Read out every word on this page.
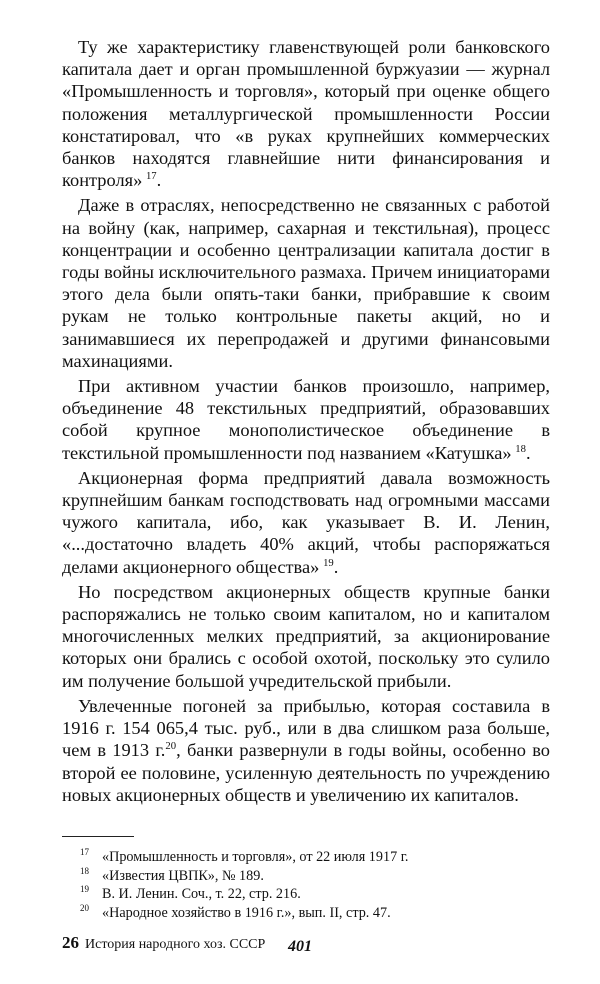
Ту же характеристику главенствующей роли банковского капитала дает и орган промышленной буржуазии — журнал «Промышленность и торговля», который при оценке общего положения металлургической промышленности России констатировал, что «в руках крупнейших коммерческих банков находятся главнейшие нити финансирования и контроля»  $^{17}$.

Даже в отраслях, непосредственно не связанных с работой на войну (как, например, сахарная и текстильная), процесс концентрации и особенно централизации капитала достиг в годы войны исключительного размаха. Причем инициаторами этого дела были опять-таки банки, прибравшие к своим рукам не только контрольные пакеты акций, но и занимавшиеся их перепродажей и другими финансовыми махинациями.

При активном участии банков произошло, например, объединение 48 текстильных предприятий, образовавших собой крупное монополистическое объединение в текстильной промышленности под названием «Катушка»  $^{18}$.

Акционерная форма предприятий давала возможность крупнейшим банкам господствовать над огромными массами чужого капитала, ибо, как указывает В. И. Ленин, «...достаточно владеть 40% акций, чтобы распоряжаться делами акционерного общества»  $^{19}$.

Но посредством акционерных обществ крупные банки распоряжались не только своим капиталом, но и капиталом многочисленных мелких предприятий, за акционирование которых они брались с особой охотой, поскольку это сулило им получение большой учредительской прибыли.

Увлеченные погоней за прибылью, которая составила в 1916 г. 154 065,4 тыс. руб., или в два слишком раза больше, чем в 1913 г.$^{20}$, банки развернули в годы войны, особенно во второй ее половине, усиленную деятельность по учреждению новых акционерных обществ и увеличению их капиталов.

17 «Промышленность и торговля», от 22 июля 1917 г.

18 «Известия ЦВПК», № 189.

19 В. И. Ленин. Соч., т. 22, стр. 216.

20 «Народное хозяйство в 1916 г.», вып. II, стр. 47.

26 История народного хоз. СССР 401
